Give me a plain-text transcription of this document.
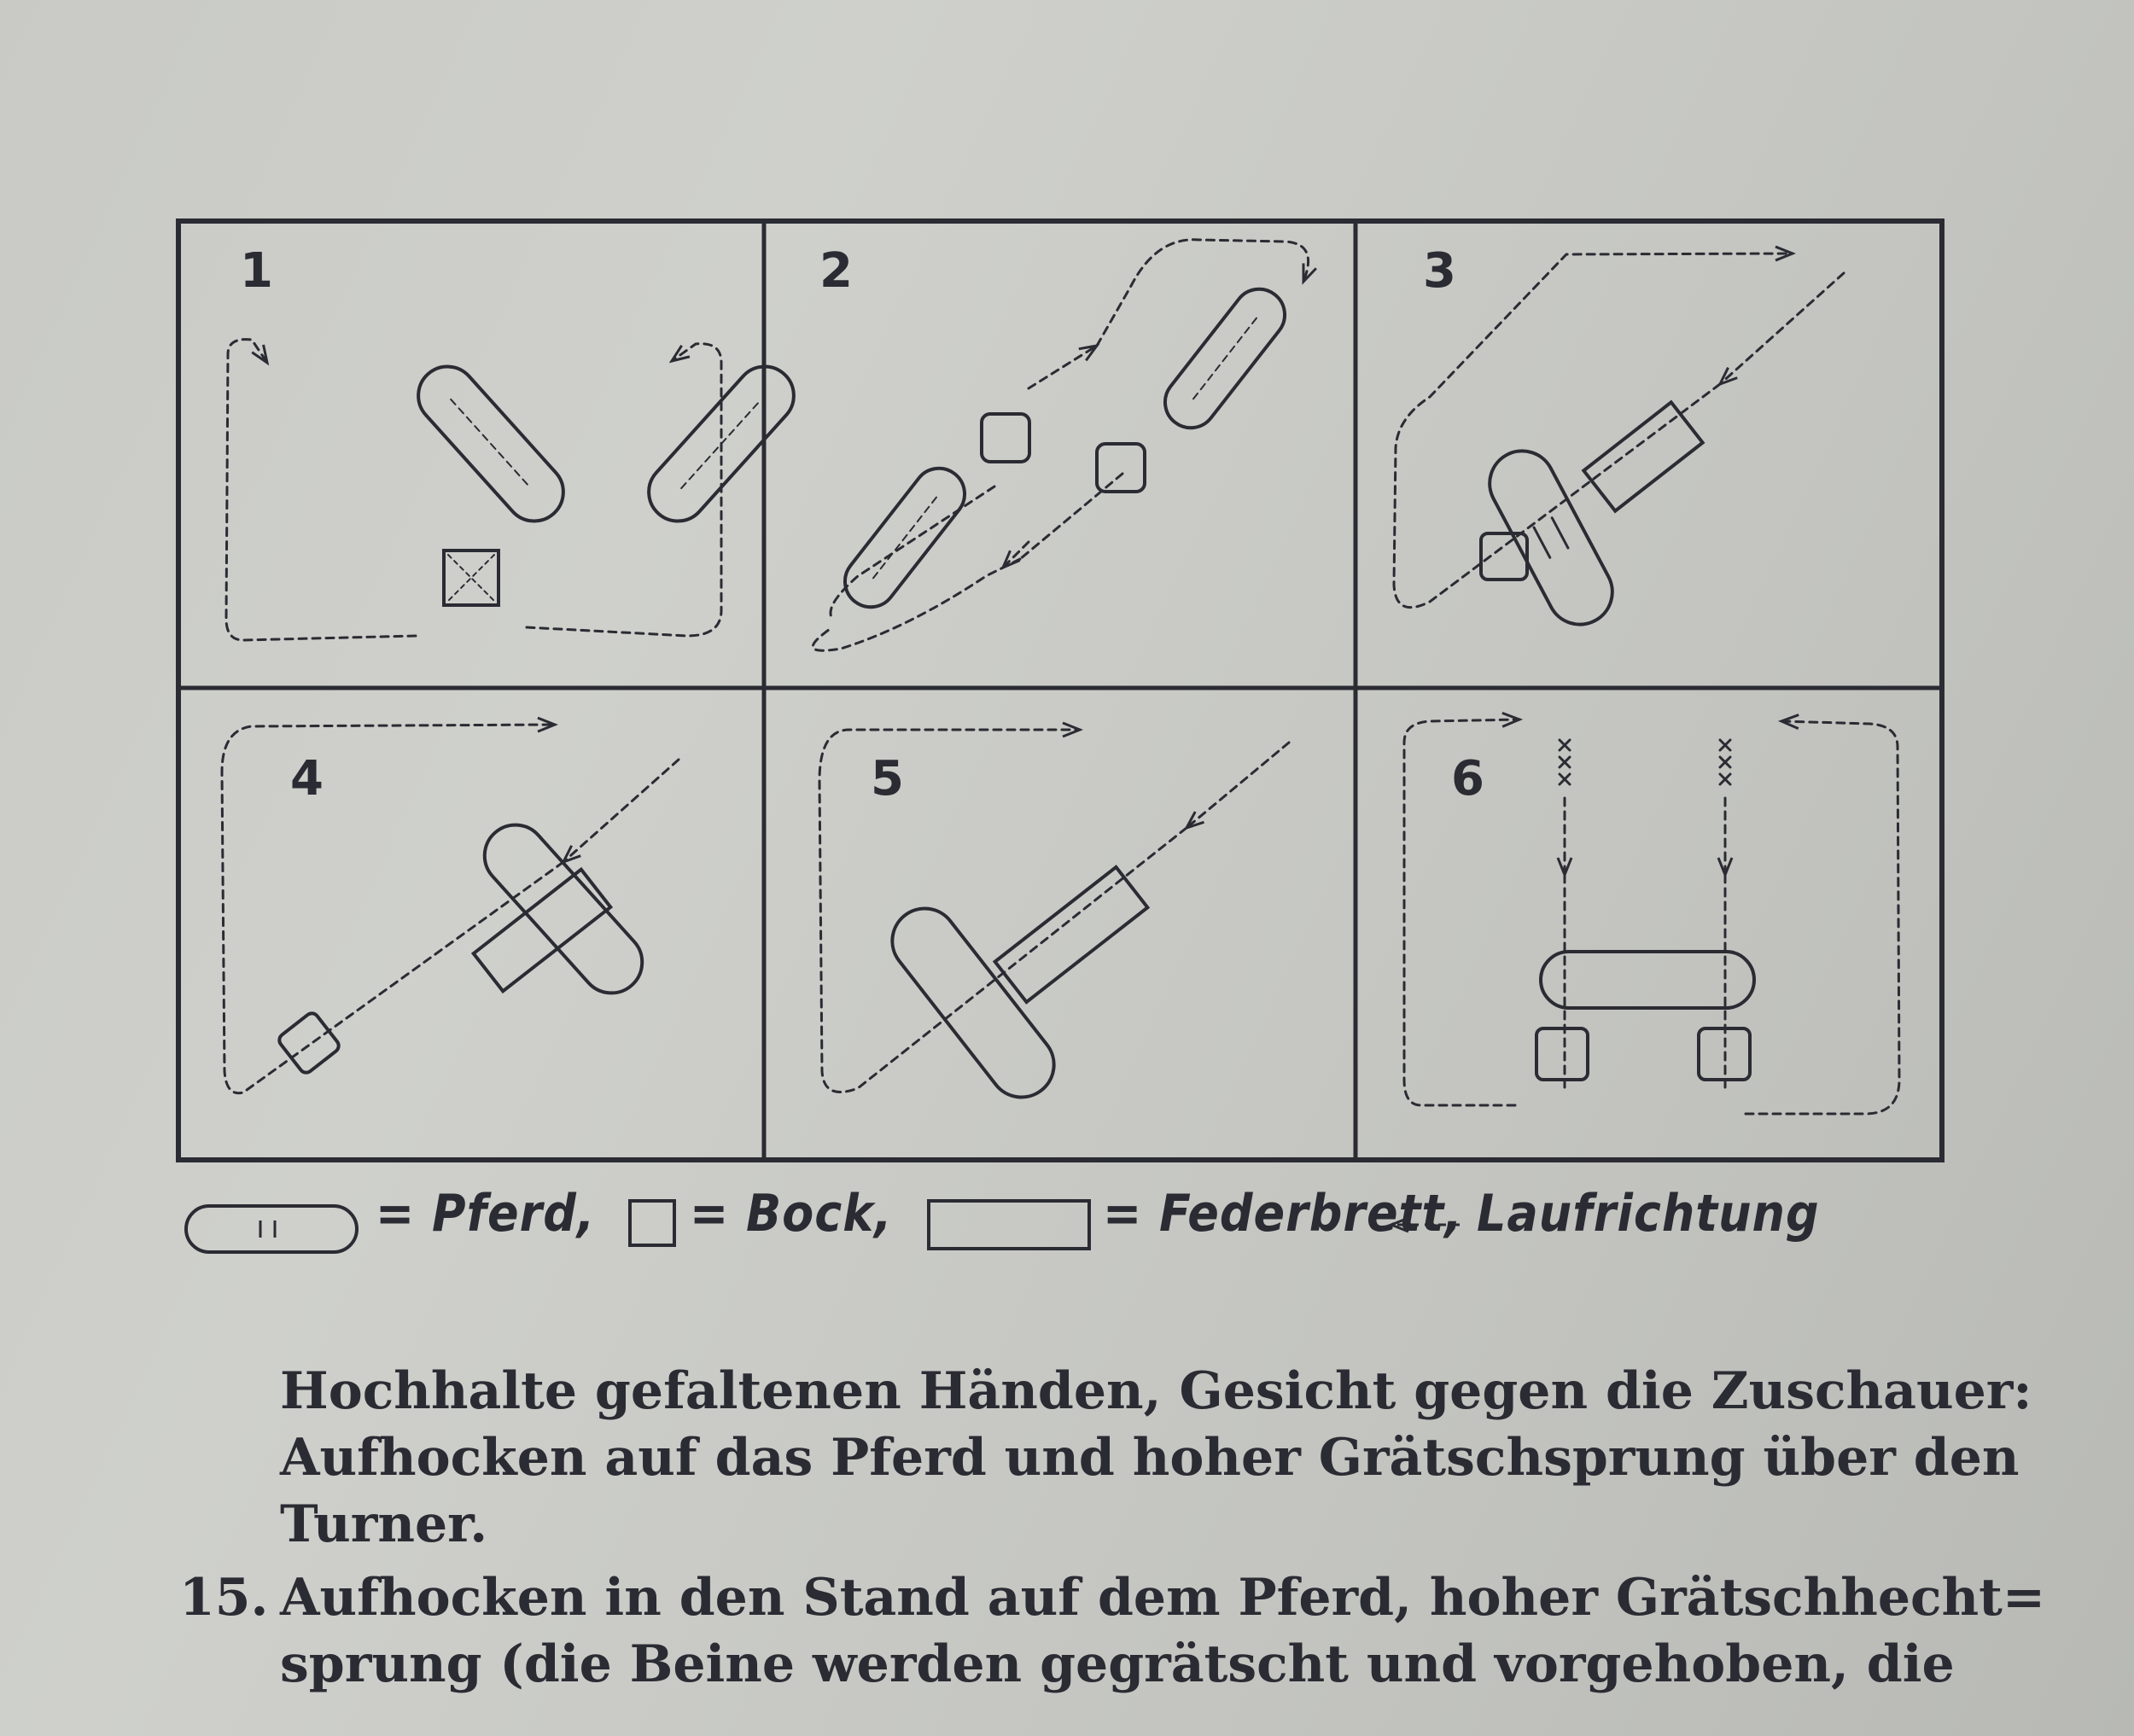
1	2	3
4	5	6
= Pferd, = Bock,	= Federbrett, Laufrichtung
Hochhalte gefaltenen Händen, Gesicht gegen die Zuschauer:
Aufhocken auf das Pferd und hoher Grätschsprung über den
Turner.
15. Aufhocken in den Stand auf dem Pferd, hoher Grätschhecht=
sprung (die Beine werden gegrätscht und vorgehoben, die
